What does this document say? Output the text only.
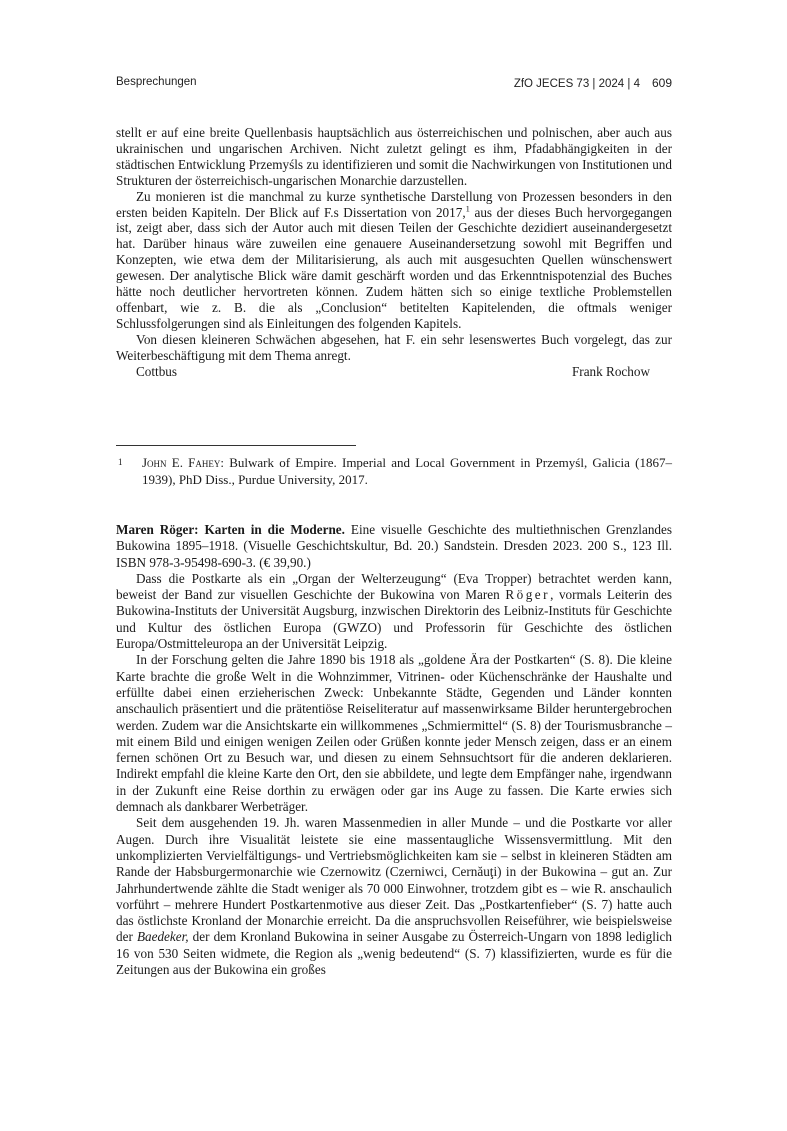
Besprechungen	ZfO JECES 73 | 2024 | 4 609

stellt er auf eine breite Quellenbasis hauptsächlich aus österreichischen und polnischen, aber auch aus ukrainischen und ungarischen Archiven. Nicht zuletzt gelingt es ihm, Pfadabhängigkeiten in der städtischen Entwicklung Przemyśls zu identifizieren und somit die Nachwirkungen von Institutionen und Strukturen der österreichisch-ungarischen Monarchie darzustellen.

Zu monieren ist die manchmal zu kurze synthetische Darstellung von Prozessen besonders in den ersten beiden Kapiteln. Der Blick auf F.s Dissertation von 2017,$^1$ aus der dieses Buch hervorgegangen ist, zeigt aber, dass sich der Autor auch mit diesen Teilen der Geschichte dezidiert auseinandergesetzt hat. Darüber hinaus wäre zuweilen eine genauere Auseinandersetzung sowohl mit Begriffen und Konzepten, wie etwa dem der Militarisierung, als auch mit ausgesuchten Quellen wünschenswert gewesen. Der analytische Blick wäre damit geschärft worden und das Erkenntnispotenzial des Buches hätte noch deutlicher hervortreten können. Zudem hätten sich so einige textliche Problemstellen offenbart, wie z. B. die als „Conclusion“ betitelten Kapitelenden, die oftmals weniger Schlussfolgerungen sind als Einleitungen des folgenden Kapitels.

Von diesen kleineren Schwächen abgesehen, hat F. ein sehr lesenswertes Buch vorgelegt, das zur Weiterbeschäftigung mit dem Thema anregt.

Cottbus	Frank Rochow
1 John E. Fahey: Bulwark of Empire. Imperial and Local Government in Przemyśl, Galicia (1867–1939), PhD Diss., Purdue University, 2017.

Maren Röger: Karten in die Moderne. Eine visuelle Geschichte des multiethnischen Grenzlandes Bukowina 1895–1918. (Visuelle Geschichtskultur, Bd. 20.) Sandstein. Dresden 2023. 200 S., 123 Ill. ISBN 978-3-95498-690-3. (€ 39,90.)

Dass die Postkarte als ein „Organ der Welterzeugung“ (Eva Tropper) betrachtet werden kann, beweist der Band zur visuellen Geschichte der Bukowina von Maren Röger, vormals Leiterin des Bukowina-Instituts der Universität Augsburg, inzwischen Direktorin des Leibniz-Instituts für Geschichte und Kultur des östlichen Europa (GWZO) und Professorin für Geschichte des östlichen Europa/Ostmitteleuropa an der Universität Leipzig.

In der Forschung gelten die Jahre 1890 bis 1918 als „goldene Ära der Postkarten“ (S. 8). Die kleine Karte brachte die große Welt in die Wohnzimmer, Vitrinen- oder Küchenschränke der Haushalte und erfüllte dabei einen erzieherischen Zweck: Unbekannte Städte, Gegenden und Länder konnten anschaulich präsentiert und die prätentiöse Reiseliteratur auf massenwirksame Bilder heruntergebrochen werden. Zudem war die Ansichtskarte ein willkommenes „Schmiermittel“ (S. 8) der Tourismusbranche – mit einem Bild und einigen wenigen Zeilen oder Grüßen konnte jeder Mensch zeigen, dass er an einem fernen schönen Ort zu Besuch war, und diesen zu einem Sehnsuchtsort für die anderen deklarieren. Indirekt empfahl die kleine Karte den Ort, den sie abbildete, und legte dem Empfänger nahe, irgendwann in der Zukunft eine Reise dorthin zu erwägen oder gar ins Auge zu fassen. Die Karte erwies sich demnach als dankbarer Werbeträger.

Seit dem ausgehenden 19. Jh. waren Massenmedien in aller Munde – und die Postkarte vor aller Augen. Durch ihre Visualität leistete sie eine massentaugliche Wissensvermittlung. Mit den unkomplizierten Vervielfältigungs- und Vertriebsmöglichkeiten kam sie – selbst in kleineren Städten am Rande der Habsburgermonarchie wie Czernowitz (Czerniwci, Cernăuţi) in der Bukowina – gut an. Zur Jahrhundertwende zählte die Stadt weniger als 70 000 Einwohner, trotzdem gibt es – wie R. anschaulich vorführt – mehrere Hundert Postkartenmotive aus dieser Zeit. Das „Postkartenfieber“ (S. 7) hatte auch das östlichste Kronland der Monarchie erreicht. Da die anspruchsvollen Reiseführer, wie beispielsweise der Baedeker, der dem Kronland Bukowina in seiner Ausgabe zu Österreich-Ungarn von 1898 lediglich 16 von 530 Seiten widmete, die Region als „wenig bedeutend“ (S. 7) klassifizierten, wurde es für die Zeitungen aus der Bukowina ein großes
